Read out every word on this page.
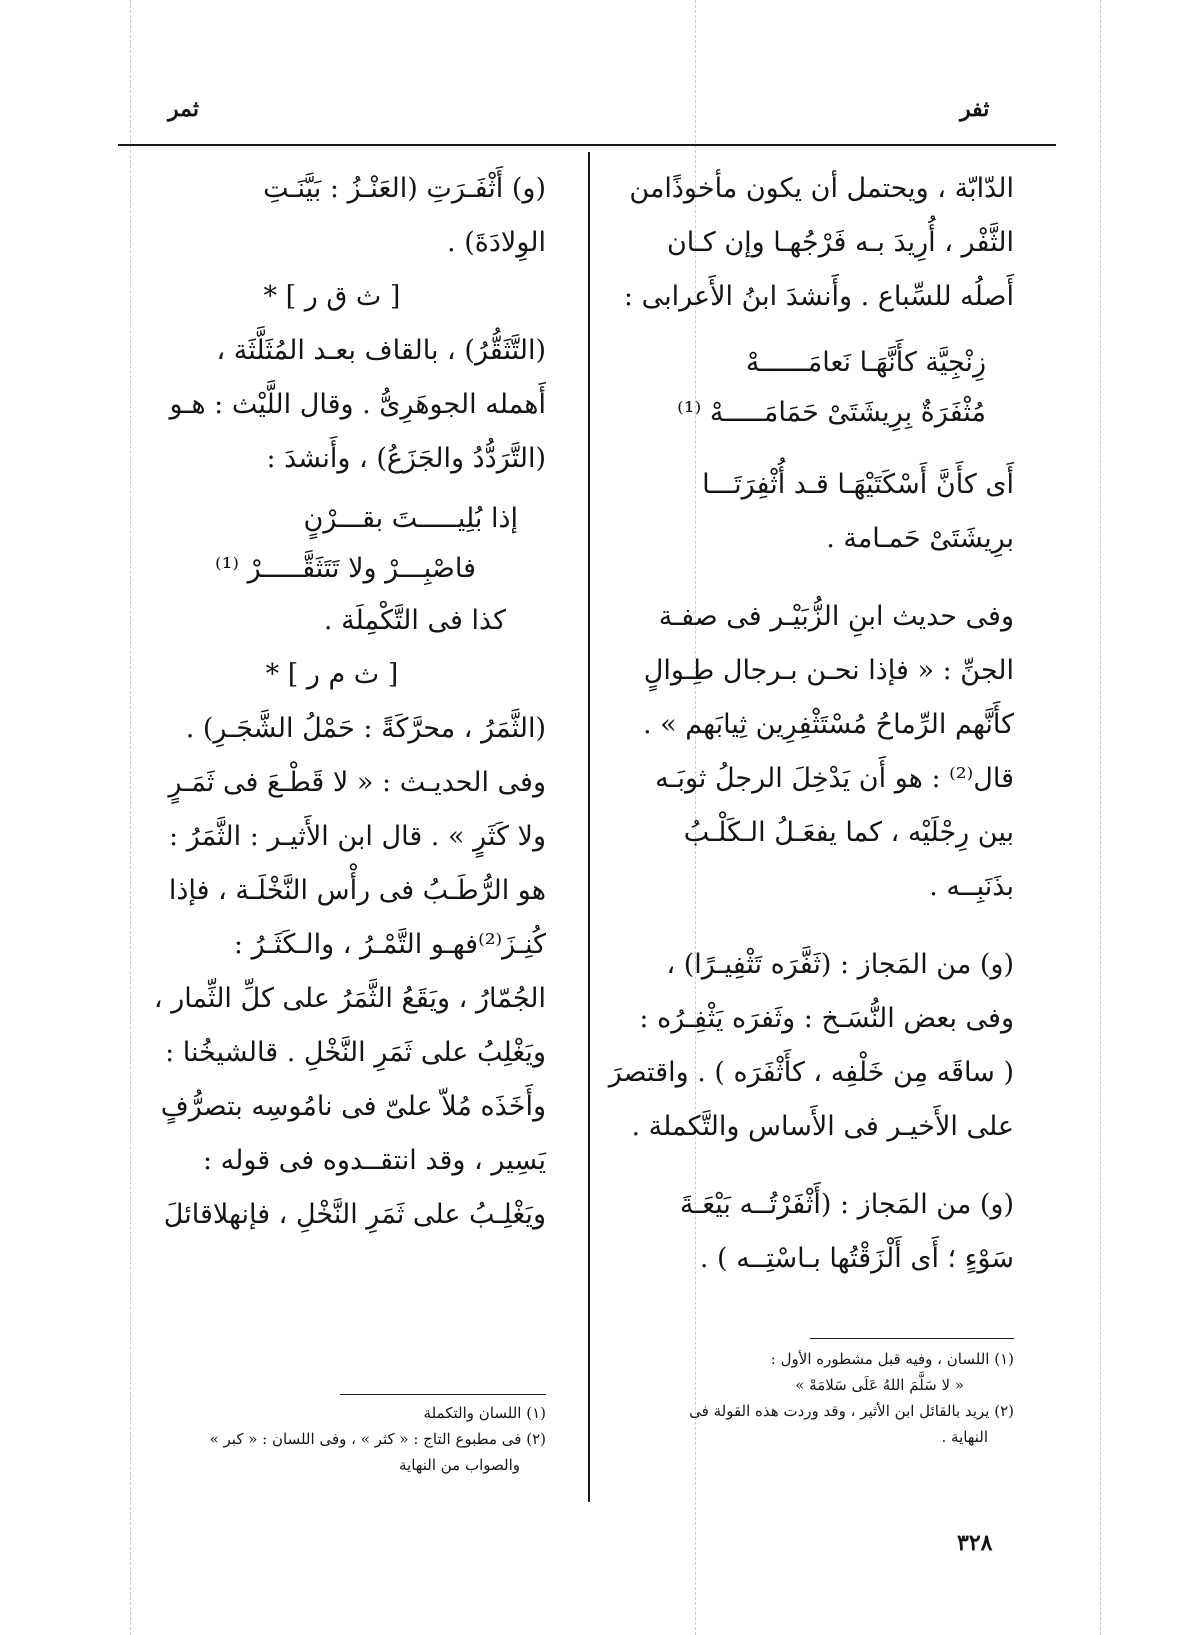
ثفر
ثمر

الدّابّة ، ويحتمل أن يكون مأخوذًامن

الثَّفْر ، أُرِيدَ بـه فَرْجُهـا وإن كـان

أَصلُه للسِّباع . وأَنشدَ ابنُ الأَعرابى :

زِنْجِيَّة كأَنَّهَـا نَعامَــــــهْ

مُثْفَرَةٌ بِرِيشَتَىْ حَمَامَـــــهْ ⁽¹⁾

أَى كأَنَّ أَسْكَتَيْهَـا قـد أُثْفِرَتَـــا

برِيشَتَىْ حَمـامة .

وفى حديث ابنِ الزُّبَيْـر فى صفـة

الجنِّ : « فإذا نحـن بـرجال طِـوالٍ

كأَنَّهم الرِّماحُ مُسْتَثْفِرِين ثِيابَهم » .

قال⁽²⁾ : هو أَن يَدْخِلَ الرجلُ ثوبَـه

بين رِجْلَيْه ، كما يفعَـلُ الـكَلْـبُ

بذَنَبِــه .

(و) من المَجاز : (ثَفَّرَه تَثْفِيـرًا) ،

وفى بعض النُّسَـخ : وثَفرَه يَثْفِـرُه :

( ساقَه مِن خَلْفِه ، كأَثْفَرَه ) . واقتصرَ

على الأَخيـر فى الأَساس والتَّكملة .

(و) من المَجاز : (أَثْفَرْتُــه بَيْعَـةَ

سَوْءٍ ؛ أَى أَلْزَقْتُها بـاسْتِــه ) .

(١) اللسان ، وفيه قبل مشطوره الأول :

« لا سَلَّمَ اللهُ عَلَى سَلامَهْ »

(٢) يريد بالقائل ابن الأثير ، وقد وردت هذه القولة فى

النهاية .

(و) أَثْفَـرَتِ (العَنْـزُ : بَيَّنَـتِ

الوِلادَةَ) .

[ ث ق ر ] *

(التَّثَقُّرُ) ، بالقاف بعـد المُثَلَّثَة ،

أَهمله الجوهَرِىُّ . وقال اللَّيْث : هـو

(التَّرَدُّدُ والجَزَعُ) ، وأَنشدَ :

إذا بُلِيـــــتَ بقـــرْنٍ

فاصْبِـــرْ ولا تَتَثَقَّـــــرْ ⁽¹⁾

كذا فى التَّكْمِلَة .

[ ث م ر ] *

(الثَّمَرُ ، محرَّكَةً : حَمْلُ الشَّجَـرِ) .

وفى الحديـث : « لا قَطْـعَ فى ثَمَـرٍ

ولا كَثَرٍ » . قال ابن الأَثيـر : الثَّمَرُ :

هو الرُّطَـبُ فى رأْس النَّخْلَـة ، فإذا

كُنِـزَ⁽²⁾فهـو التَّمْـرُ ، والـكَثَـرُ :

الجُمّارُ ، ويَقَعُ الثَّمَرُ على كلِّ الثِّمار ،

ويَغْلِبُ على ثَمَرِ النَّخْلِ . قالشيخُنا :

وأَخَذَه مُلاّ علىّ فى نامُوسِه بتصرُّفٍ

يَسِير ، وقد انتقــدوه فى قوله :

ويَغْلِـبُ على ثَمَرِ النَّخْلِ ، فإنهلاقائلَ

(١) اللسان والتكملة

(٢) فى مطبوع التاج : « كثر » ، وفى اللسان : « كبر »

والصواب من النهاية

٣٢٨
